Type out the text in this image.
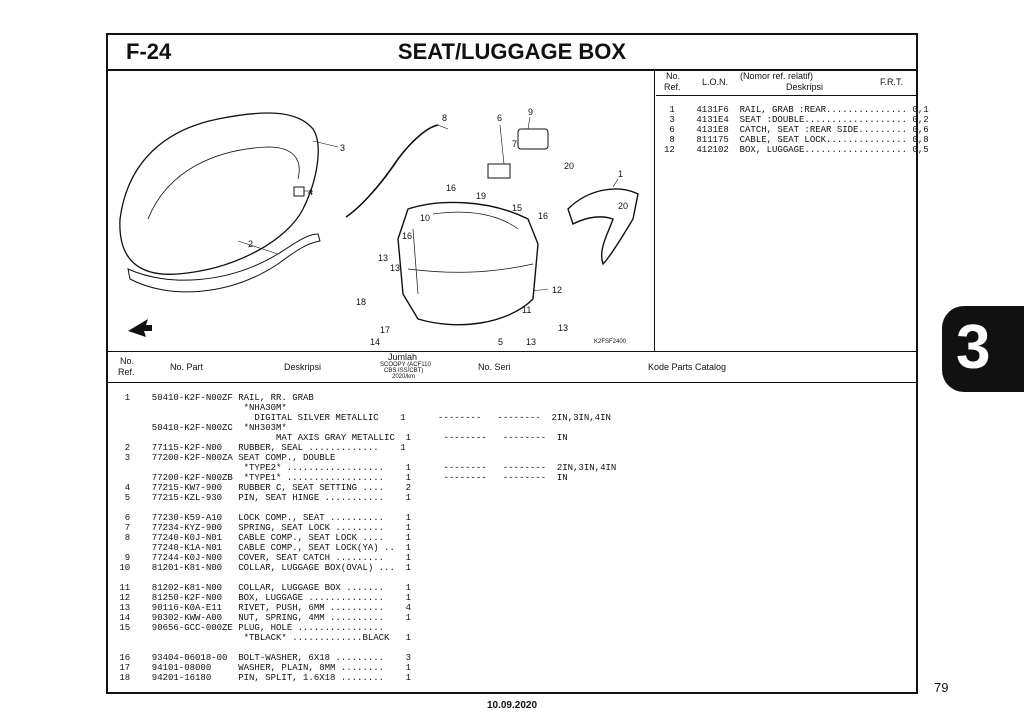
F-24	SEAT/LUGGAGE BOX
9
8	6
3	7
20
1
16
19
15
16
10
16
20
4
13
13
2
12
18
11
17	13
13
14	5	K2FSF2400
No.
Ref. L.O.N.
(Nomor ref. relatif)
Deskripsi	F.R.T.
1    4131F6  RAIL, GRAB :REAR............... 0,1
3    4131E4  SEAT :DOUBLE................... 0,2
6    4131E8  CATCH, SEAT :REAR SIDE......... 0,6
8    811175  CABLE, SEAT LOCK............... 0,8
12    412102  BOX, LUGGAGE................... 0,5
No.
Ref.	No. Part	Deskripsi
Jumlah
SCOOPY (ACF110
CBS ISS/CBT)
2020/km
No. Seri	Kode Parts Catalog
1    50410-K2F-N00ZF RAIL, RR. GRAB
*NHA30M*
DIGITAL SILVER METALLIC    1      --------   --------  2IN,3IN,4IN
50410-K2F-N00ZC  *NH303M*
MAT AXIS GRAY METALLIC  1      --------   --------  IN
2    77115-K2F-N00   RUBBER, SEAL .............    1
3    77200-K2F-N00ZA SEAT COMP., DOUBLE
*TYPE2* ..................    1      --------   --------  2IN,3IN,4IN
77200-K2F-N00ZB  *TYPE1* ..................    1      --------   --------  IN
4    77215-KW7-900   RUBBER C, SEAT SETTING ....    2
5    77215-KZL-930   PIN, SEAT HINGE ...........    1
6    77230-K59-A10   LOCK COMP., SEAT ..........    1
7    77234-KYZ-900   SPRING, SEAT LOCK .........    1
8    77240-K0J-N01   CABLE COMP., SEAT LOCK ....    1
77240-K1A-N01   CABLE COMP., SEAT LOCK(YA) ..  1
9    77244-K0J-N00   COVER, SEAT CATCH .........    1
10    81201-K81-N00   COLLAR, LUGGAGE BOX(OVAL) ...  1
11    81202-K81-N00   COLLAR, LUGGAGE BOX .......    1
12    81250-K2F-N00   BOX, LUGGAGE ..............    1
13    90116-K0A-E11   RIVET, PUSH, 6MM ..........    4
14    90302-KWW-A00   NUT, SPRING, 4MM ..........    1
15    90656-GCC-000ZE PLUG, HOLE ................
*TBLACK* .............BLACK   1
16    93404-06018-00  BOLT-WASHER, 6X18 .........    3
17    94101-08000     WASHER, PLAIN, 8MM ........    1
18    94201-16180     PIN, SPLIT, 1.6X18 ........    1
3
79
10.09.2020
